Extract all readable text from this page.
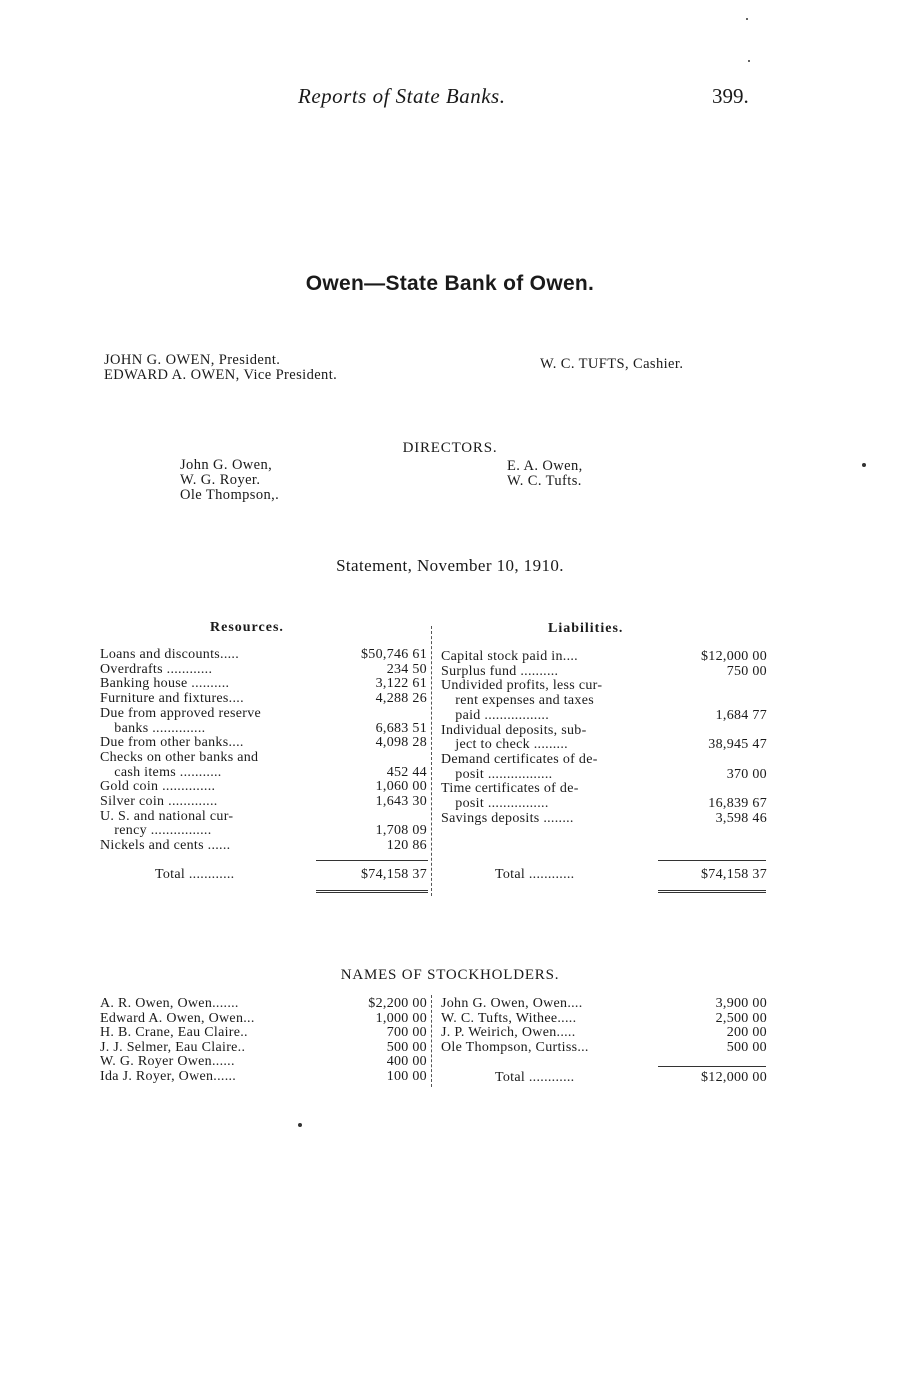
Reports of State Banks.	399.
Owen—State Bank of Owen.
JOHN G. OWEN, President.
EDWARD A. OWEN, Vice President.
W. C. TUFTS, Cashier.
DIRECTORS.
John G. Owen,
W. G. Royer.
Ole Thompson,.
E. A. Owen,
W. C. Tufts.
Statement, November 10, 1910.
Resources.	Liabilities.
Loans and discounts.....	$50,746 61
Overdrafts ............	234 50
Banking house ..........	3,122 61
Furniture and fixtures....	4,288 26
Due from approved reserve
 banks ..............	6,683 51
Due from other banks....	4,098 28
Checks on other banks and
 cash items ...........	452 44
Gold coin ..............	1,060 00
Silver coin .............	1,643 30
U. S. and national cur-
 rency ................	1,708 09
Nickels and cents ......	120 86
Capital stock paid in....	$12,000 00
Surplus fund ..........	750 00
Undivided profits, less cur-
 rent expenses and taxes
 paid .................	1,684 77
Individual deposits, sub-
 ject to check .........	38,945 47
Demand certificates of de-
 posit .................	370 00
Time certificates of de-
 posit ................	16,839 67
Savings deposits ........	3,598 46
Total ............	$74,158 37	Total ............	$74,158 37
NAMES OF STOCKHOLDERS.
A. R. Owen, Owen.......	$2,200 00
Edward A. Owen, Owen...	1,000 00
H. B. Crane, Eau Claire..	700 00
J. J. Selmer, Eau Claire..	500 00
W. G. Royer Owen......	400 00
Ida J. Royer, Owen......	100 00
John G. Owen, Owen....	3,900 00
W. C. Tufts, Withee.....	2,500 00
J. P. Weirich, Owen.....	200 00
Ole Thompson, Curtiss...	500 00
Total ............	$12,000 00
